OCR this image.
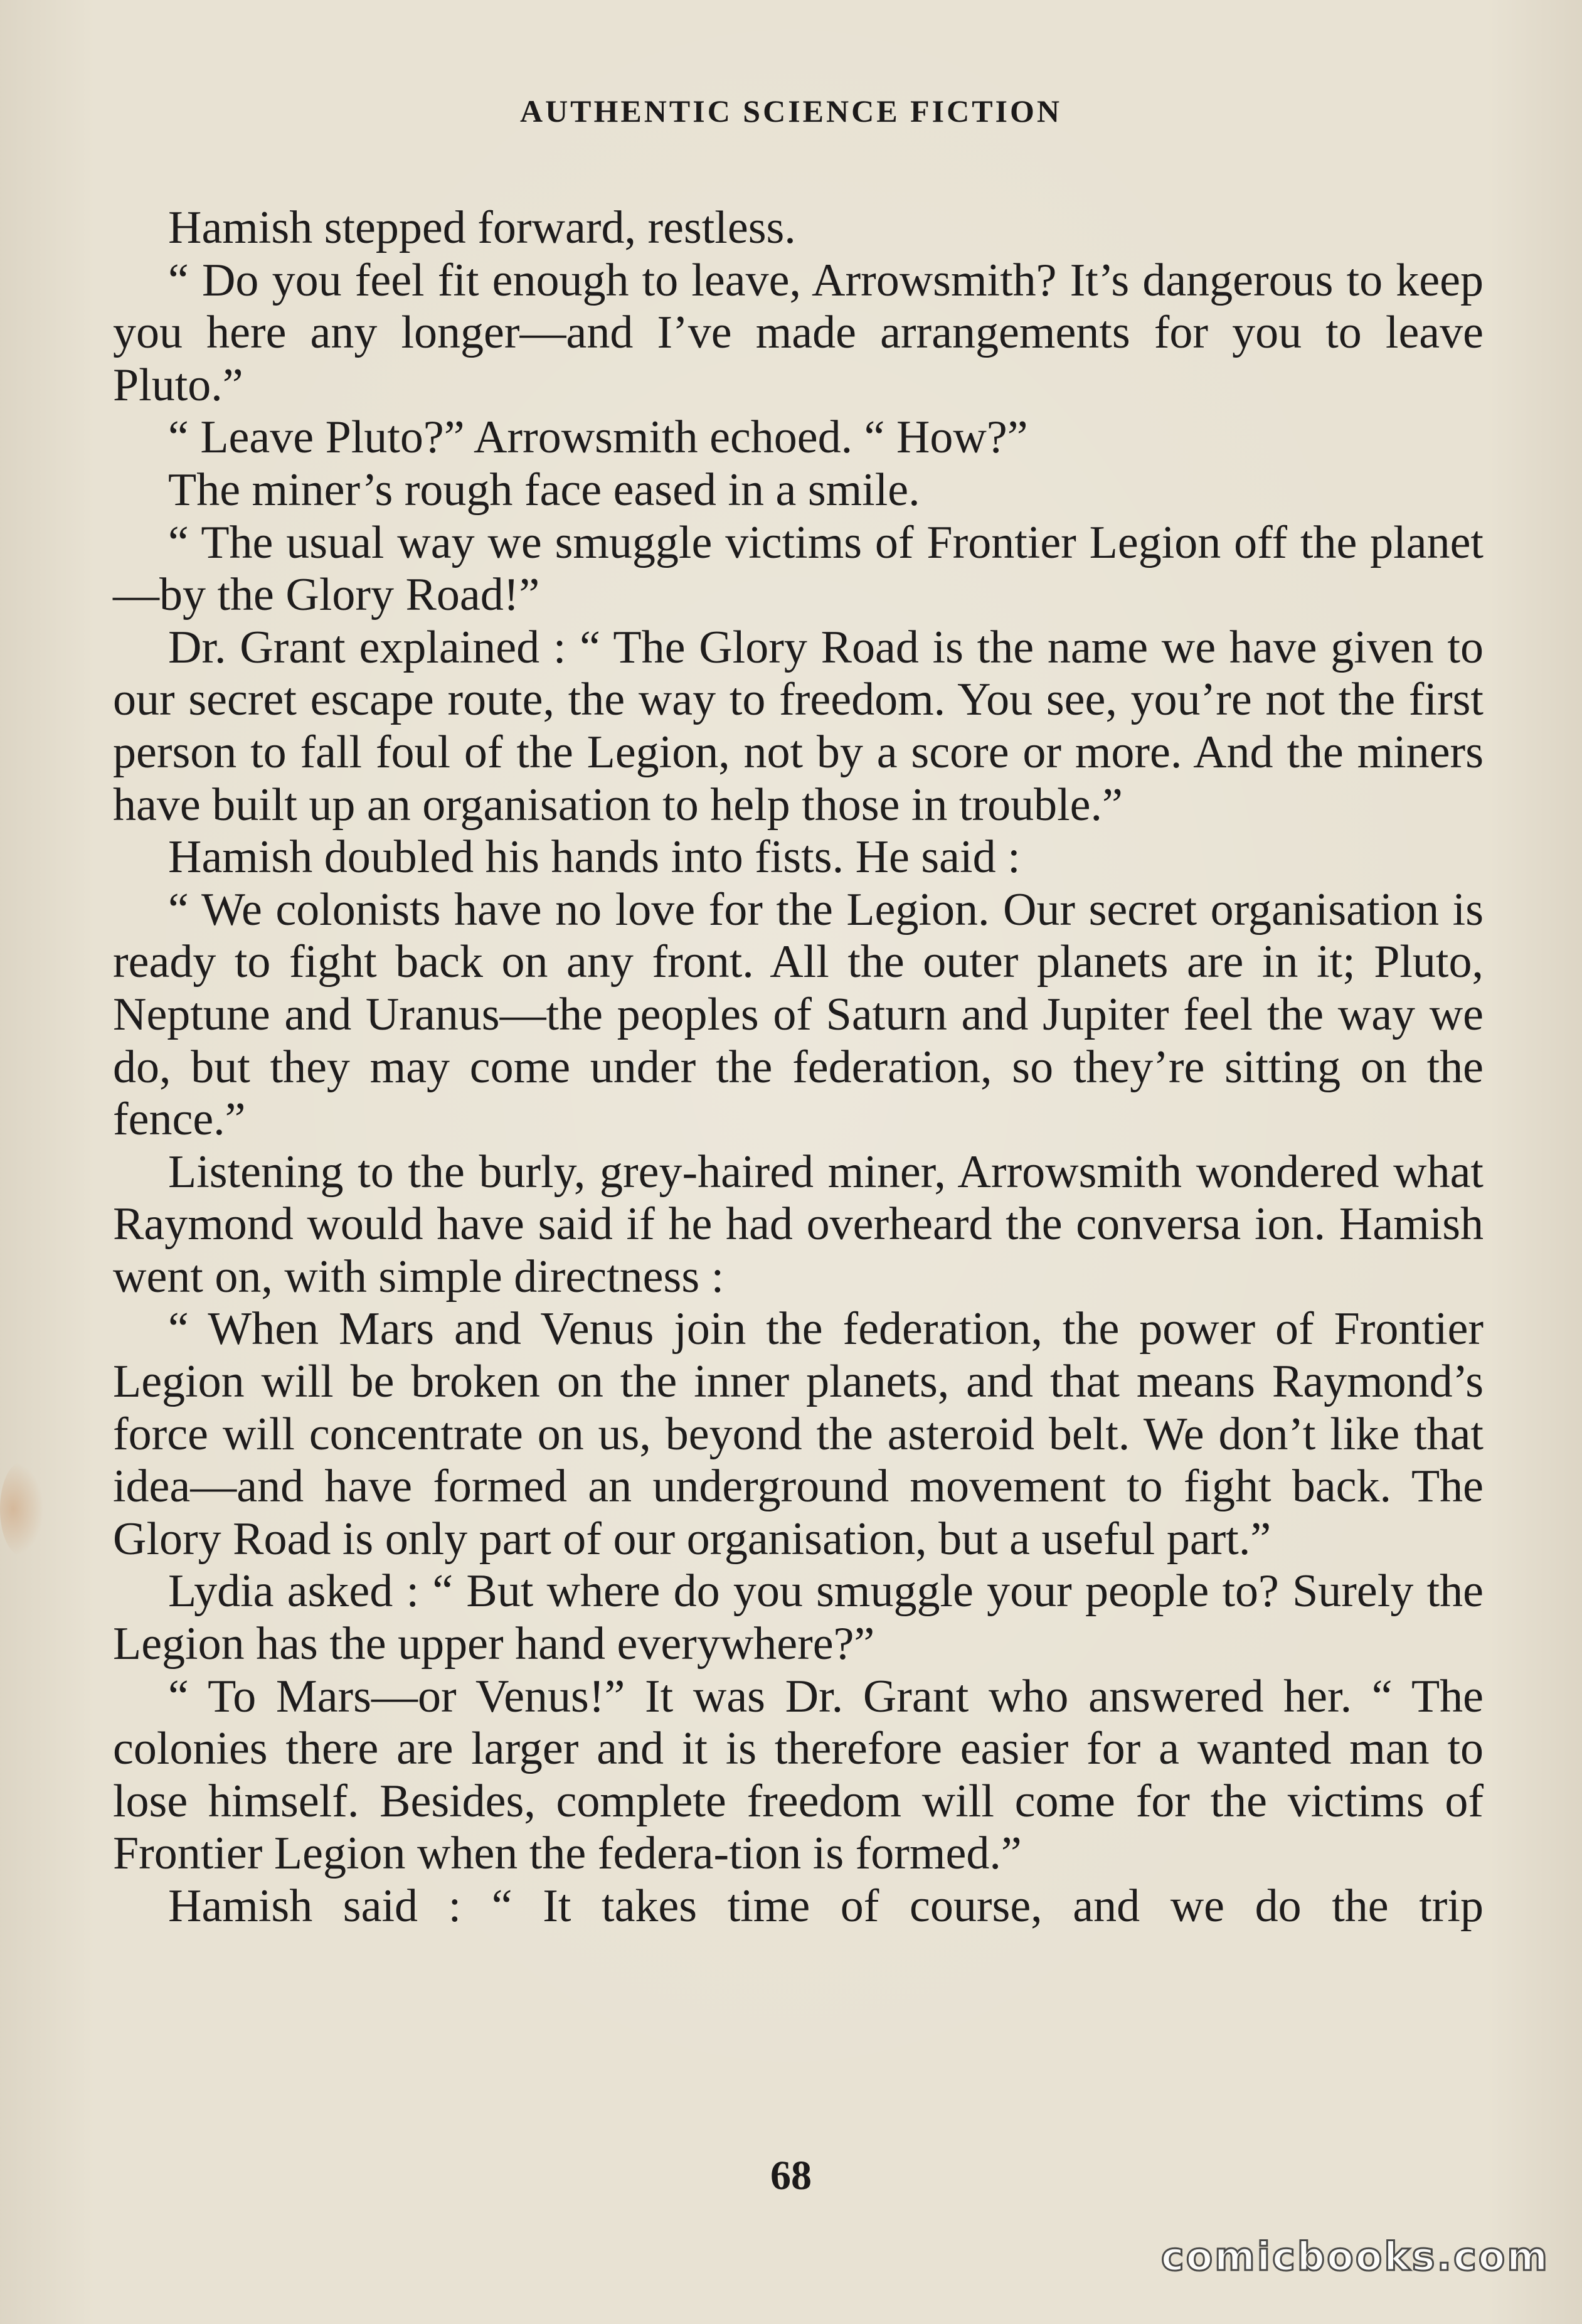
AUTHENTIC SCIENCE FICTION

Hamish stepped forward, restless.

“ Do you feel fit enough to leave, Arrowsmith? It’s dangerous to keep you here any longer—and I’ve made arrangements for you to leave Pluto.”

“ Leave Pluto?” Arrowsmith echoed. “ How?”

The miner’s rough face eased in a smile.

“ The usual way we smuggle victims of Frontier Legion off the planet—by the Glory Road!”

Dr. Grant explained : “ The Glory Road is the name we have given to our secret escape route, the way to freedom. You see, you’re not the first person to fall foul of the Legion, not by a score or more. And the miners have built up an organisation to help those in trouble.”

Hamish doubled his hands into fists. He said :

“ We colonists have no love for the Legion. Our secret organisation is ready to fight back on any front. All the outer planets are in it; Pluto, Neptune and Uranus—the peoples of Saturn and Jupiter feel the way we do, but they may come under the federation, so they’re sitting on the fence.”

Listening to the burly, grey-haired miner, Arrowsmith wondered what Raymond would have said if he had overheard the conversa ion. Hamish went on, with simple directness :

“ When Mars and Venus join the federation, the power of Frontier Legion will be broken on the inner planets, and that means Raymond’s force will concentrate on us, beyond the asteroid belt. We don’t like that idea—and have formed an underground movement to fight back. The Glory Road is only part of our organisation, but a useful part.”

Lydia asked : “ But where do you smuggle your people to? Surely the Legion has the upper hand everywhere?”

“ To Mars—or Venus!” It was Dr. Grant who answered her. “ The colonies there are larger and it is therefore easier for a wanted man to lose himself. Besides, complete freedom will come for the victims of Frontier Legion when the federa-tion is formed.”

Hamish said : “ It takes time of course, and we do the trip

68
comicbooks.com
